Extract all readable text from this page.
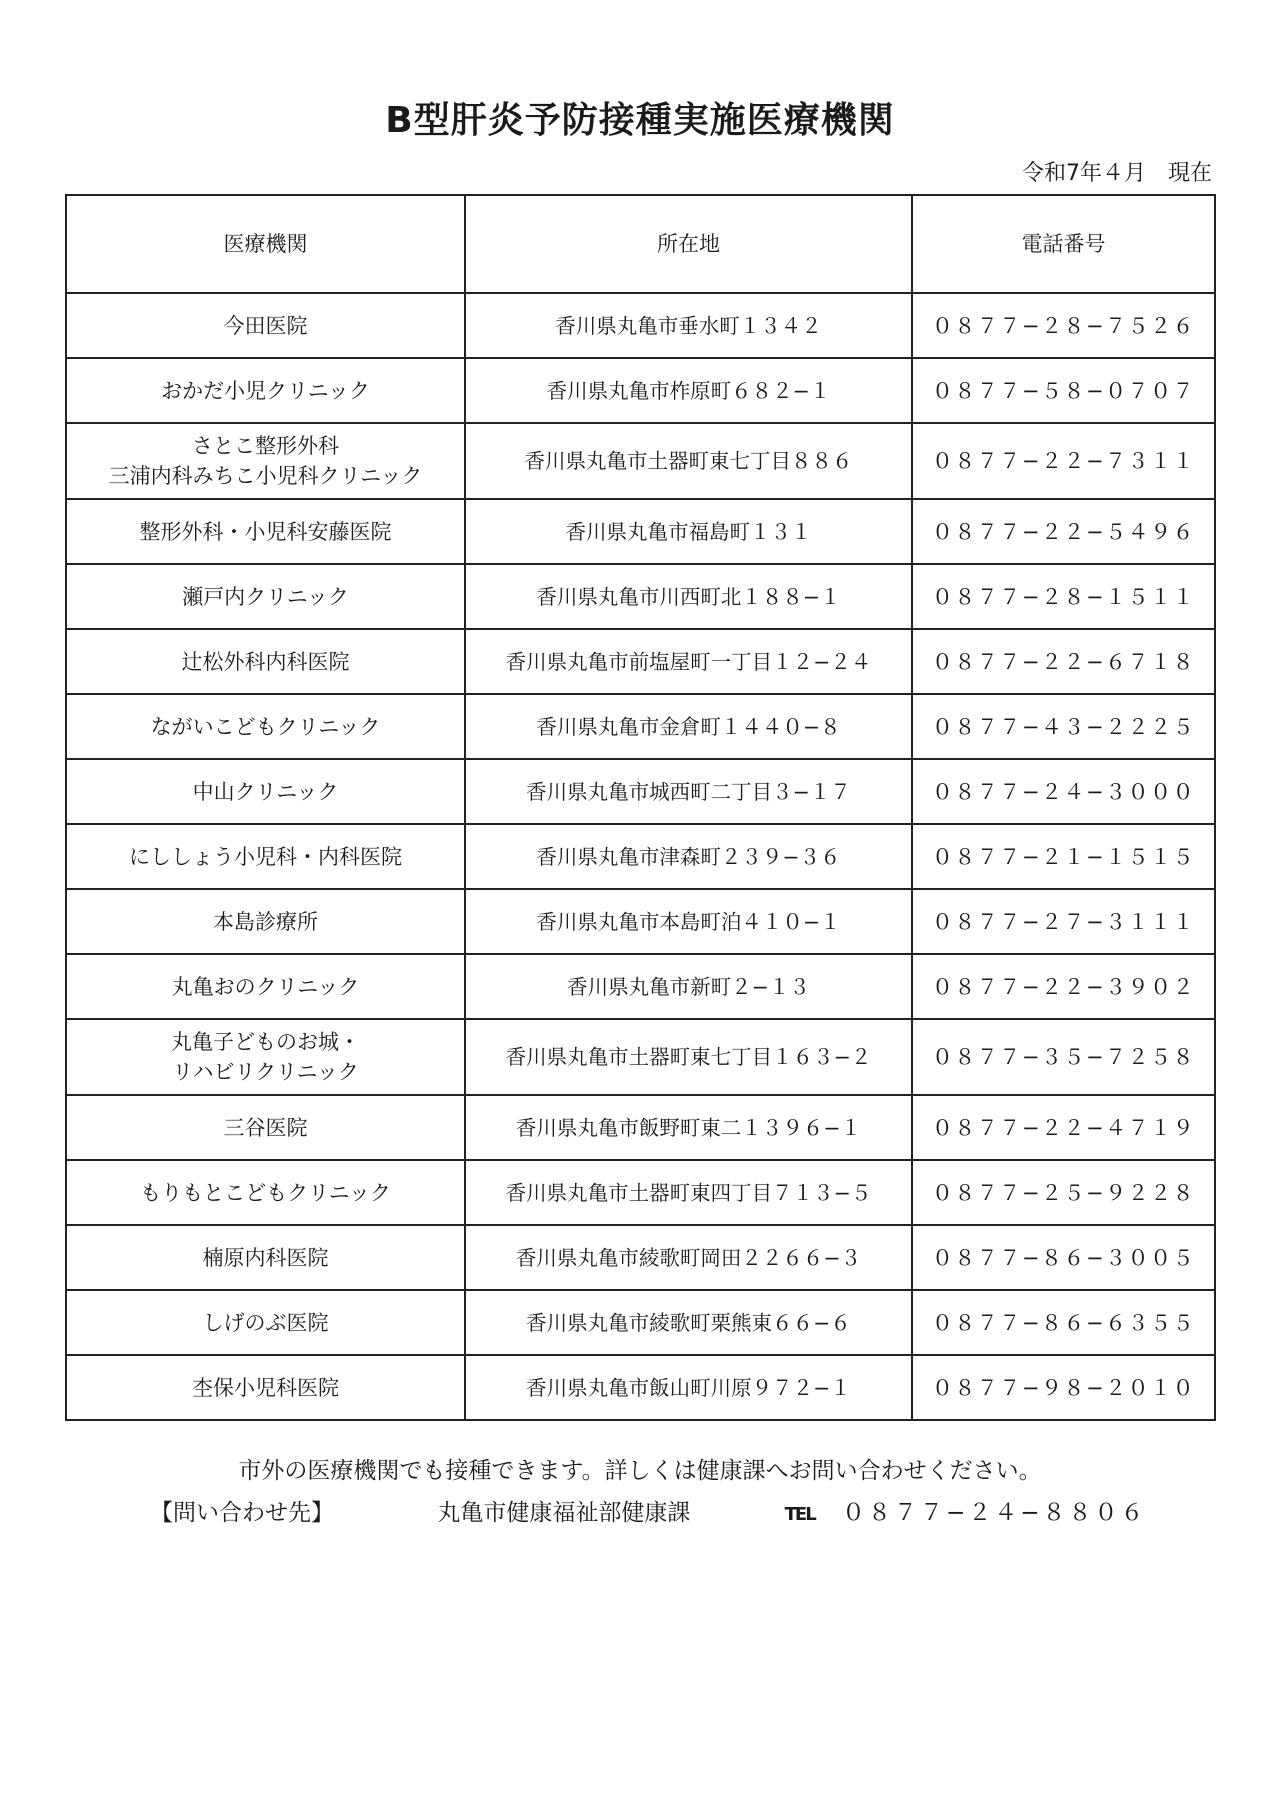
B型肝炎予防接種実施医療機関
令和7年４月　現在
医療機関	所在地	電話番号
今田医院	香川県丸亀市垂水町１３４２	０８７７−２８−７５２６
おかだ小児クリニック	香川県丸亀市柞原町６８２−１	０８７７−５８−０７０７
さとこ整形外科
三浦内科みちこ小児科クリニック	香川県丸亀市土器町東七丁目８８６	０８７７−２２−７３１１
整形外科・小児科安藤医院	香川県丸亀市福島町１３１	０８７７−２２−５４９６
瀬戸内クリニック	香川県丸亀市川西町北１８８−１	０８７７−２８−１５１１
辻松外科内科医院	香川県丸亀市前塩屋町一丁目１２−２４	０８７７−２２−６７１８
ながいこどもクリニック	香川県丸亀市金倉町１４４０−８	０８７７−４３−２２２５
中山クリニック	香川県丸亀市城西町二丁目３−１７	０８７７−２４−３０００
にししょう小児科・内科医院	香川県丸亀市津森町２３９−３６	０８７７−２１−１５１５
本島診療所	香川県丸亀市本島町泊４１０−１	０８７７−２７−３１１１
丸亀おのクリニック	香川県丸亀市新町２−１３	０８７７−２２−３９０２
丸亀子どものお城・
リハビリクリニック	香川県丸亀市土器町東七丁目１６３−２	０８７７−３５−７２５８
三谷医院	香川県丸亀市飯野町東二１３９６−１	０８７７−２２−４７１９
もりもとこどもクリニック	香川県丸亀市土器町東四丁目７１３−５	０８７７−２５−９２２８
楠原内科医院	香川県丸亀市綾歌町岡田２２６６−３	０８７７−８６−３００５
しげのぶ医院	香川県丸亀市綾歌町栗熊東６６−６	０８７７−８６−６３５５
杢保小児科医院	香川県丸亀市飯山町川原９７２−１	０８７７−９８−２０１０
市外の医療機関でも接種できます。詳しくは健康課へお問い合わせください。
【問い合わせ先】	丸亀市健康福祉部健康課	TEL ０８７７−２４−８８０６
